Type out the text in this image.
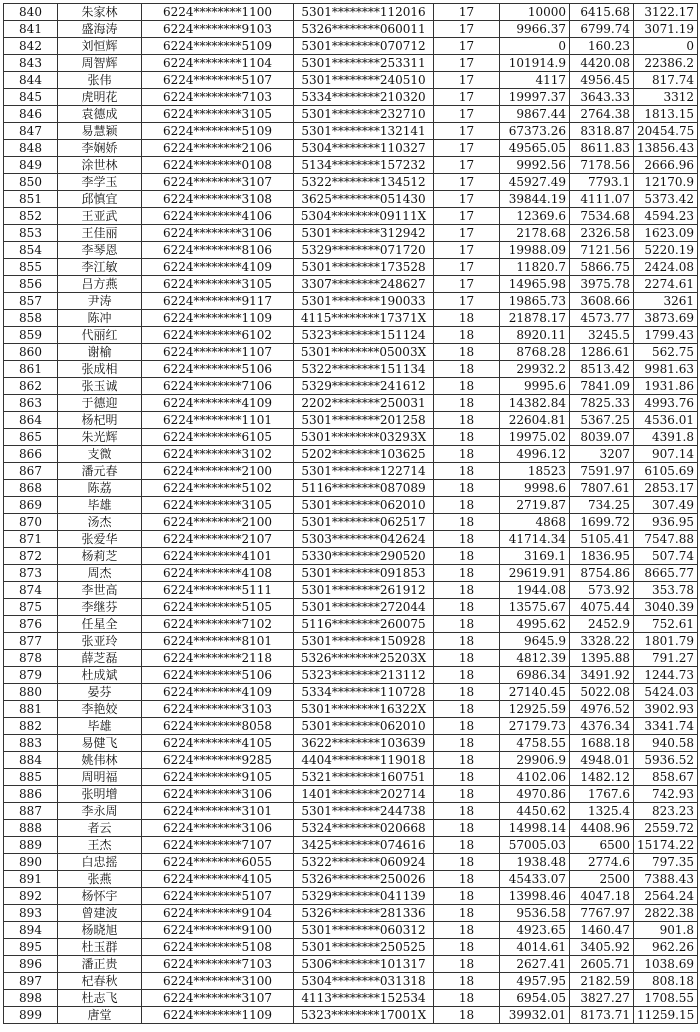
840	朱家林	6224********1100	5301********112016	17	10000	6415.68	3122.17
841	盛海涛	6224********9103	5326********060011	17	9966.37	6799.74	3071.19
842	刘恒辉	6224********5109	5301********070712	17	0	160.23	0
843	周智辉	6224********1104	5301********253311	17	101914.9	4420.08	22386.2
844	张伟	6224********5107	5301********240510	17	4117	4956.45	817.74
845	虎明花	6224********7103	5334********210320	17	19997.37	3643.33	3312
846	袁德成	6224********3105	5301********232710	17	9867.44	2764.38	1813.15
847	易慧颖	6224********5109	5301********132141	17	67373.26	8318.87	20454.75
848	李娴娇	6224********2106	5304********110327	17	49565.05	8611.83	13856.43
849	涂世林	6224********0108	5134********157232	17	9992.56	7178.56	2666.96
850	李学玉	6224********3107	5322********134512	17	45927.49	7793.1	12170.9
851	邱慎宜	6224********3108	3625********051430	17	39844.19	4111.07	5373.42
852	王亚武	6224********4106	5304********09111X	17	12369.6	7534.68	4594.23
853	王佳丽	6224********3106	5301********312942	17	2178.68	2326.58	1623.09
854	李琴恩	6224********8106	5329********071720	17	19988.09	7121.56	5220.19
855	李江敏	6224********4109	5301********173528	17	11820.7	5866.75	2424.08
856	吕方燕	6224********3105	3307********248627	17	14965.98	3975.78	2274.61
857	尹涛	6224********9117	5301********190033	17	19865.73	3608.66	3261
858	陈冲	6224********1109	4115********17371X	18	21878.17	4573.77	3873.69
859	代丽红	6224********6102	5323********151124	18	8920.11	3245.5	1799.43
860	谢榆	6224********1107	5301********05003X	18	8768.28	1286.61	562.75
861	张成相	6224********5106	5322********151134	18	29932.2	8513.42	9981.63
862	张玉诚	6224********7106	5329********241612	18	9995.6	7841.09	1931.86
863	于德迎	6224********4109	2202********250031	18	14382.84	7825.33	4993.76
864	杨杞明	6224********1101	5301********201258	18	22604.81	5367.25	4536.01
865	朱光辉	6224********6105	5301********03293X	18	19975.02	8039.07	4391.8
866	支微	6224********3102	5202********103625	18	4996.12	3207	907.14
867	潘元春	6224********2100	5301********122714	18	18523	7591.97	6105.69
868	陈荔	6224********5102	5116********087089	18	9998.6	7807.61	2853.17
869	毕雄	6224********3105	5301********062010	18	2719.87	734.25	307.49
870	汤杰	6224********2100	5301********062517	18	4868	1699.72	936.95
871	张爱华	6224********2107	5303********042624	18	41714.34	5105.41	7547.88
872	杨莉芝	6224********4101	5330********290520	18	3169.1	1836.95	507.74
873	周杰	6224********4108	5301********091853	18	29619.91	8754.86	8665.77
874	李世高	6224********5111	5301********261912	18	1944.08	573.92	353.78
875	李继芬	6224********5105	5301********272044	18	13575.67	4075.44	3040.39
876	任星全	6224********7102	5116********260075	18	4995.62	2452.9	752.61
877	张亚玲	6224********8101	5301********150928	18	9645.9	3328.22	1801.79
878	薛芝磊	6224********2118	5326********25203X	18	4812.39	1395.88	791.27
879	杜成斌	6224********5106	5323********213112	18	6986.34	3491.92	1244.73
880	晏芬	6224********4109	5334********110728	18	27140.45	5022.08	5424.03
881	李艳姣	6224********3103	5301********16322X	18	12925.59	4976.52	3902.93
882	毕雄	6224********8058	5301********062010	18	27179.73	4376.34	3341.74
883	易健飞	6224********4105	3622********103639	18	4758.55	1688.18	940.58
884	姚伟林	6224********9285	4404********119018	18	29906.9	4948.01	5936.52
885	周明福	6224********9105	5321********160751	18	4102.06	1482.12	858.67
886	张明增	6224********3106	1401********202714	18	4970.86	1767.6	742.93
887	李永周	6224********3101	5301********244738	18	4450.62	1325.4	823.23
888	者云	6224********3106	5324********020668	18	14998.14	4408.96	2559.72
889	王杰	6224********7107	3425********074616	18	57005.03	6500	15174.22
890	白忠摇	6224********6055	5322********060924	18	1938.48	2774.6	797.35
891	张燕	6224********4105	5326********250026	18	45433.07	2500	7388.43
892	杨怀宇	6224********5107	5329********041139	18	13998.46	4047.18	2564.24
893	曾建波	6224********9104	5326********281336	18	9536.58	7767.97	2822.38
894	杨晓旭	6224********9100	5301********060312	18	4923.65	1460.47	901.8
895	杜玉群	6224********5108	5301********250525	18	4014.61	3405.92	962.26
896	潘正贵	6224********7103	5306********101317	18	2627.41	2605.71	1038.69
897	杞春秋	6224********3100	5304********031318	18	4957.95	2182.59	808.18
898	杜志飞	6224********3107	4113********152534	18	6954.05	3827.27	1708.55
899	唐堂	6224********1109	5323********17001X	18	39932.01	8173.71	11259.15
